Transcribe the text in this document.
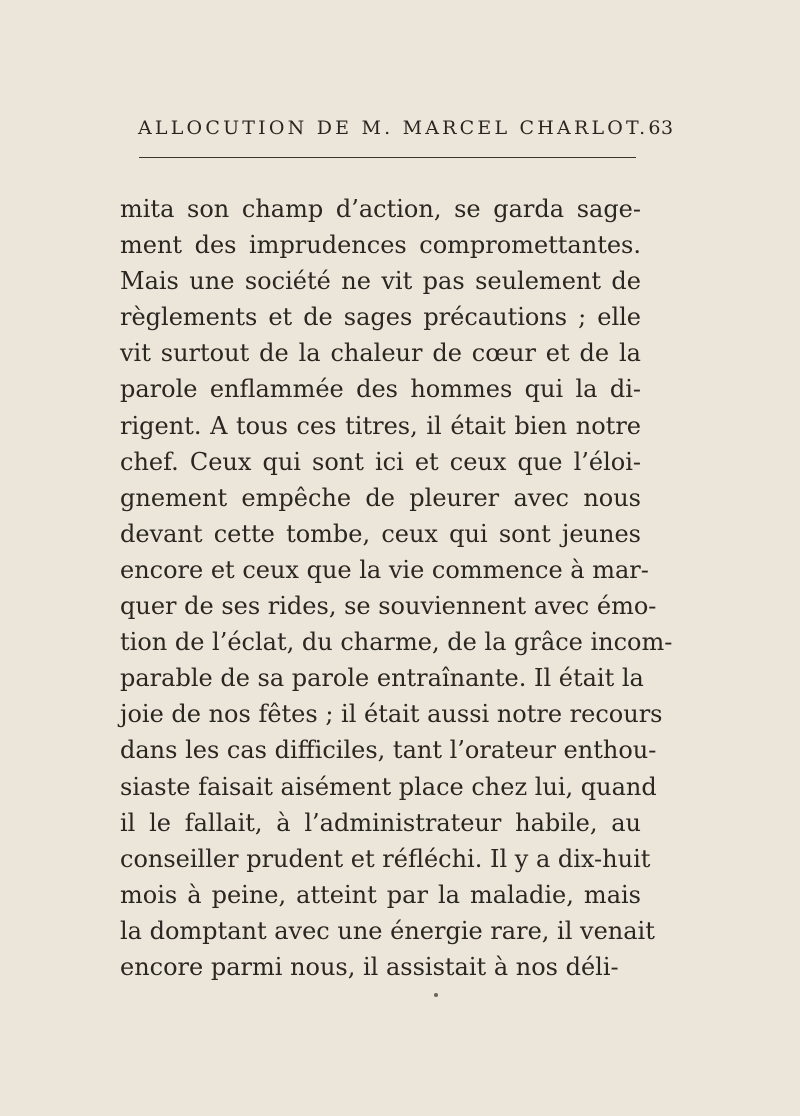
ALLOCUTION DE M. MARCEL CHARLOT. 63
mita son champ d’action, se garda sage-
ment des imprudences compromettantes.
Mais une société ne vit pas seulement de
règlements et de sages précautions ; elle
vit surtout de la chaleur de cœur et de la
parole enflammée des hommes qui la di-
rigent. A tous ces titres, il était bien notre
chef. Ceux qui sont ici et ceux que l’éloi-
gnement empêche de pleurer avec nous
devant cette tombe, ceux qui sont jeunes
encore et ceux que la vie commence à mar-
quer de ses rides, se souviennent avec émo-
tion de l’éclat, du charme, de la grâce incom-
parable de sa parole entraînante. Il était la
joie de nos fêtes ; il était aussi notre recours
dans les cas difficiles, tant l’orateur enthou-
siaste faisait aisément place chez lui, quand
il le fallait, à l’administrateur habile, au
conseiller prudent et réfléchi. Il y a dix-huit
mois à peine, atteint par la maladie, mais
la domptant avec une énergie rare, il venait
encore parmi nous, il assistait à nos déli-
